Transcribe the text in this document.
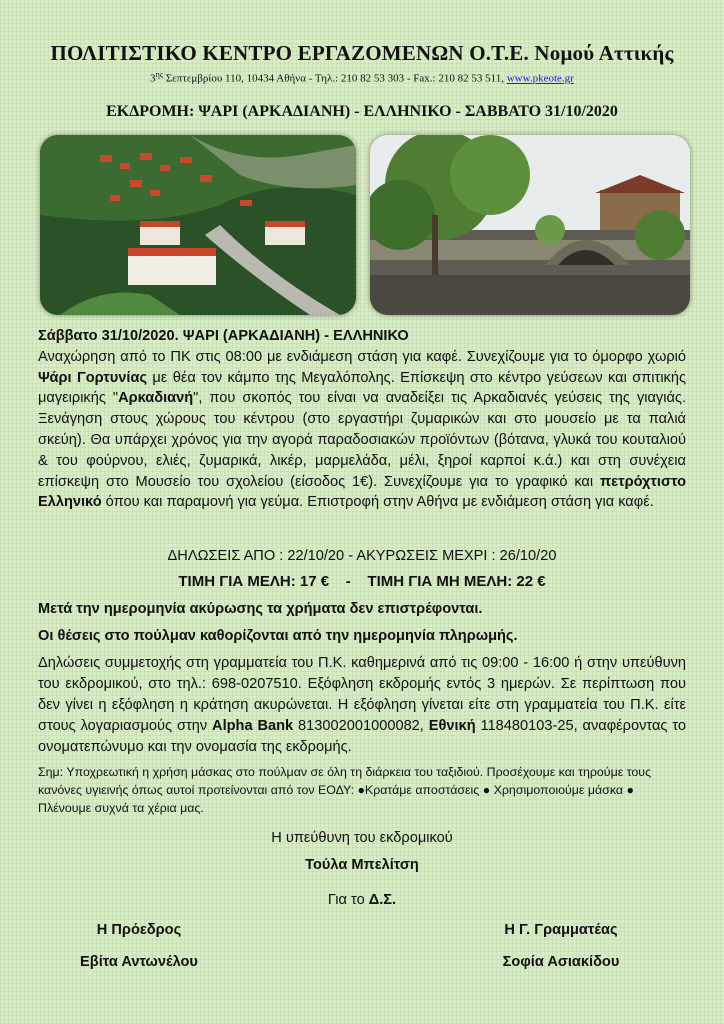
ΠΟΛΙΤΙΣΤΙΚΟ ΚΕΝΤΡΟ ΕΡΓΑΖΟΜΕΝΩΝ Ο.Τ.Ε. Νομού Αττικής
$3^{\eta\varsigma}$ Σεπτεμβρίου 110, 10434 Αθήνα - Τηλ.: 210 82 53 303 - Fax.: 210 82 53 511, www.pkeote.gr
ΕΚΔΡΟΜΗ: ΨΑΡΙ (ΑΡΚΑΔΙΑΝΗ) - ΕΛΛΗΝΙΚΟ - ΣΑΒΒΑΤΟ 31/10/2020

Σάββατο 31/10/2020. ΨΑΡΙ (ΑΡΚΑΔΙΑΝΗ) - ΕΛΛΗΝΙΚΟ

Αναχώρηση από το ΠΚ στις 08:00 με ενδιάμεση στάση για καφέ. Συνεχίζουμε για το όμορφο χωριό Ψάρι Γορτυνίας με θέα τον κάμπο της Μεγαλόπολης. Επίσκεψη στο κέντρο γεύσεων και σπιτικής μαγειρικής "Αρκαδιανή", που σκοπός του είναι να αναδείξει τις Αρκαδιανές γεύσεις της γιαγιάς. Ξενάγηση στους χώρους του κέντρου (στο εργαστήρι ζυμαρικών και στο μουσείο με τα παλιά σκεύη). Θα υπάρχει χρόνος για την αγορά παραδοσιακών προϊόντων (βότανα, γλυκά του κουταλιού & του φούρνου, ελιές, ζυμαρικά, λικέρ, μαρμελάδα, μέλι, ξηροί καρποί κ.ά.) και στη συνέχεια επίσκεψη στο Μουσείο του σχολείου (είσοδος 1€). Συνεχίζουμε για το γραφικό και πετρόχτιστο Ελληνικό όπου και παραμονή για γεύμα. Επιστροφή στην Αθήνα με ενδιάμεση στάση για καφέ.

ΔΗΛΩΣΕΙΣ ΑΠΟ : 22/10/20 - ΑΚΥΡΩΣΕΙΣ ΜΕΧΡΙ : 26/10/20
ΤΙΜΗ ΓΙΑ ΜΕΛΗ: 17 €    -    ΤΙΜΗ ΓΙΑ ΜΗ ΜΕΛΗ: 22 €
Μετά την ημερομηνία ακύρωσης τα χρήματα δεν επιστρέφονται.
Οι θέσεις στο πούλμαν καθορίζονται από την ημερομηνία πληρωμής.
Δηλώσεις συμμετοχής στη γραμματεία του Π.Κ. καθημερινά από τις 09:00 - 16:00 ή στην υπεύθυνη του εκδρομικού, στο τηλ.: 698-0207510. Εξόφληση εκδρομής εντός 3 ημερών. Σε περίπτωση που δεν γίνει η εξόφληση η κράτηση ακυρώνεται. Η εξόφληση γίνεται είτε στη γραμματεία του Π.Κ. είτε στους λογαριασμούς στην Alpha Bank 813002001000082, Εθνική 118480103-25, αναφέροντας το ονοματεπώνυμο και την ονομασία της εκδρομής.
Σημ: Υποχρεωτική η χρήση μάσκας στο πούλμαν σε όλη τη διάρκεια του ταξιδιού. Προσέχουμε και τηρούμε τους κανόνες υγιεινής όπως αυτοί προτείνονται από τον ΕΟΔΥ: ●Κρατάμε αποστάσεις ● Χρησιμοποιούμε μάσκα ● Πλένουμε συχνά τα χέρια μας.
Η υπεύθυνη του εκδρομικού
Τούλα Μπελίτση
Για το Δ.Σ.
Η Πρόεδρος
Εβίτα Αντωνέλου
Η Γ. Γραμματέας
Σοφία Ασιακίδου
